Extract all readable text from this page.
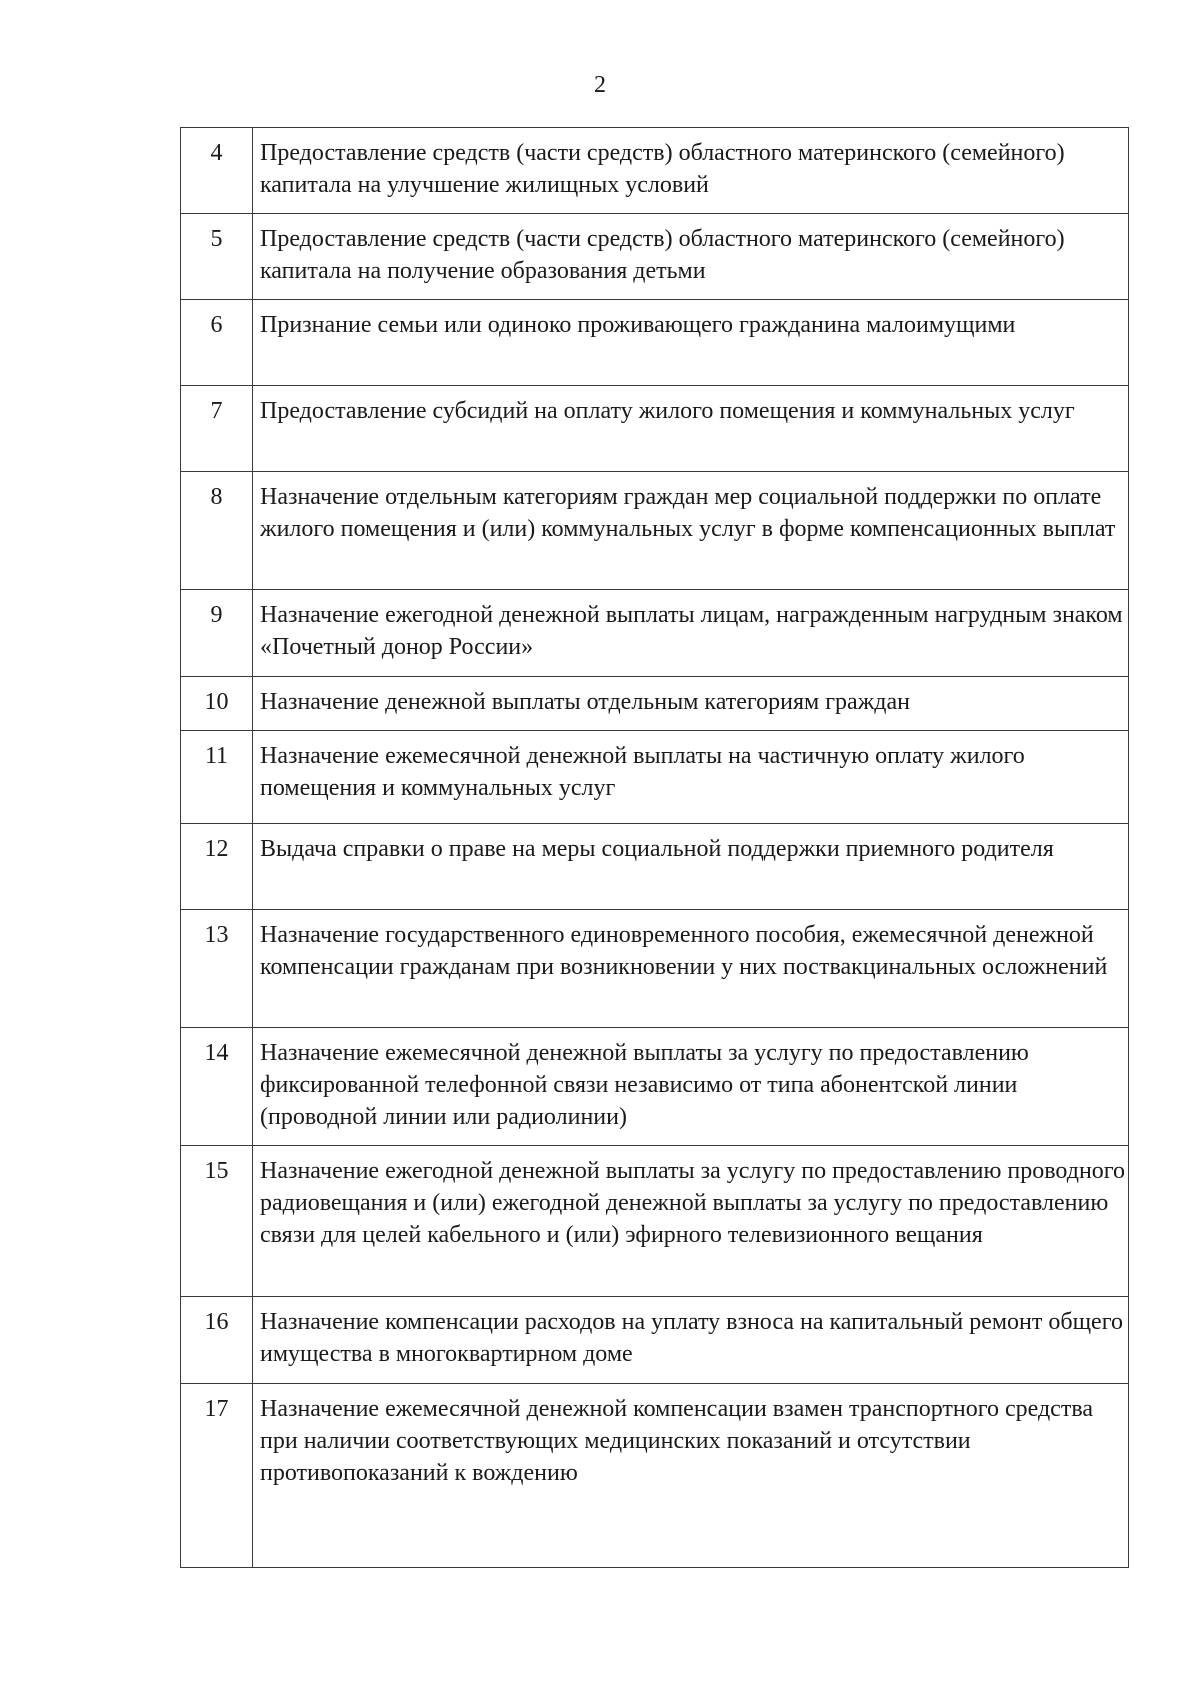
2
4	Предоставление средств (части средств) областного материнского (семейного) капитала на улучшение жилищных условий
5	Предоставление средств (части средств) областного материнского (семейного) капитала на получение образования детьми
6	Признание семьи или одиноко проживающего гражданина малоимущими
7	Предоставление субсидий на оплату жилого помещения и коммунальных услуг
8	Назначение отдельным категориям граждан мер социальной поддержки по оплате жилого помещения и (или) коммунальных услуг в форме компенсационных выплат
9	Назначение ежегодной денежной выплаты лицам, награжденным нагрудным знаком «Почетный донор России»
10	Назначение денежной выплаты отдельным категориям граждан
11	Назначение ежемесячной денежной выплаты на частичную оплату жилого помещения и коммунальных услуг
12	Выдача справки о праве на меры социальной поддержки приемного родителя
13	Назначение государственного единовременного пособия, ежемесячной денежной компенсации гражданам при возникновении у них поствакцинальных осложнений
14	Назначение ежемесячной денежной выплаты за услугу по предоставлению фиксированной телефонной связи независимо от типа абонентской линии (проводной линии или радиолинии)
15	Назначение ежегодной денежной выплаты за услугу по предоставлению проводного радиовещания и (или) ежегодной денежной выплаты за услугу по предоставлению связи для целей кабельного и (или) эфирного телевизионного вещания
16	Назначение компенсации расходов на уплату взноса на капитальный ремонт общего имущества в многоквартирном доме
17	Назначение ежемесячной денежной компенсации взамен транспортного средства при наличии соответствующих медицинских показаний и отсутствии противопоказаний к вождению
